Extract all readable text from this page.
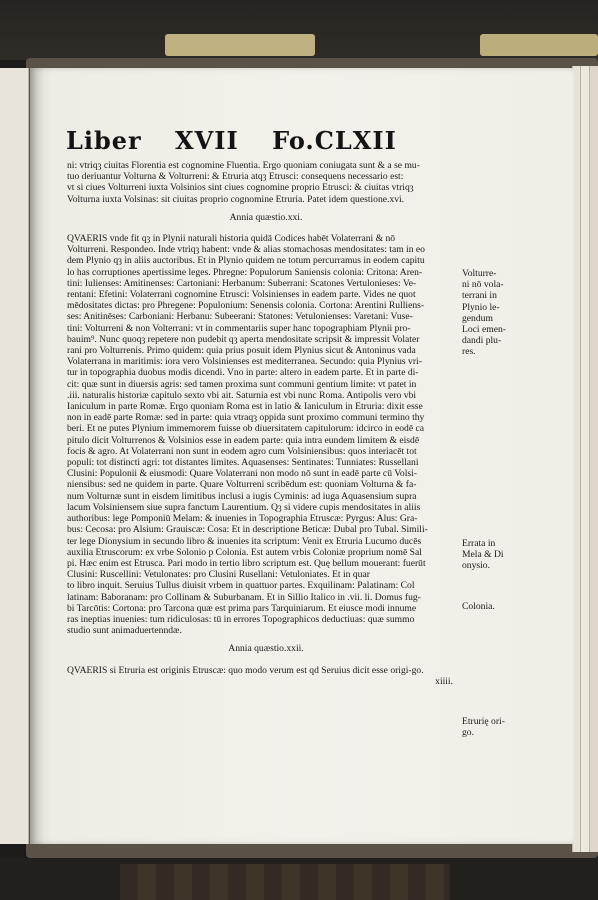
Liber XVII Fo.CLXII
ni: vtriqȝ ciuitas Florentia est cognomine Fluentia. Ergo quoniam coniugata sunt & a se mu-
tuo deriuantur Volturna & Volturreni: & Etruria atqȝ Etrusci: consequens necessario est:
vt si ciues Volturreni iuxta Volsinios sint ciues cognomine proprio Etrusci: & ciuitas vtriqȝ
Volturna iuxta Volsinas: sit ciuitas proprio cognomine Etruria. Patet idem questione.xvi.
Annia quæstio.xxi.
QVAERIS vnde fit qȝ in Plynii naturali historia quidā Codices habēt Volaterrani & nō
Volturreni. Respondeo. Inde vtriqȝ habent: vnde & alias stomachosas mendositates: tam in eo
dem Plynio qȝ in aliis auctoribus. Et in Plynio quidem ne totum percurramus in eodem capitu
lo has corruptiones apertissime leges. Phregne: Populorum Saniensis colonia: Critona: Aren-
tini: Iulienses: Amitinenses: Cartoniani: Herbanum: Suberrani: Scatones Vertulonieses: Ve-
rentani: Efetini: Volaterrani cognomine Etrusci: Volsinienses in eadem parte. Vides ne quot
mēdositates dictas: pro Phregene: Populonium: Senensis colonia. Cortona: Arentini Rulliens-
ses: Anitinēses: Carboniani: Herbanu: Subeerani: Statones: Vetulonienses: Varetani: Vuse-
tini: Volturreni & non Volterrani: vt in commentariis super hanc topographiam Plynii pro-
bauim⁹. Nunc quoqȝ repetere non pudebit qȝ aperta mendositate scripsit & impressit Volater
rani pro Volturrenis. Primo quidem: quia prius posuit idem Plynius sicut & Antoninus vada
Volaterrana in maritimis: iora vero Volsinienses est mediterranea. Secundo: quia Plynius vri-
tur in topographia duobus modis dicendi. Vno in parte: altero in eadem parte. Et in parte di-
cit: quæ sunt in diuersis agris: sed tamen proxima sunt communi gentium limite: vt patet in
.iii. naturalis historiæ capitulo sexto vbi ait. Saturnia est vbi nunc Roma. Antipolis vero vbi
Ianiculum in parte Romæ. Ergo quoniam Roma est in latio & Ianiculum in Etruria: dixit esse
non in eadē parte Romæ: sed in parte: quia vtraqȝ oppida sunt proximo communi termino thy
beri. Et ne putes Plynium immemorem fuisse ob diuersitatem capitulorum: idcirco in eodē ca
pitulo dicit Volturrenos & Volsinios esse in eadem parte: quia intra eundem limitem & eisdē
focis & agro. At Volaterrani non sunt in eodem agro cum Volsiniensibus: quos interiacēt tot
populi: tot distincti agri: tot distantes limites. Aquasenses: Sentinates: Tunniates: Russellani
Clusini: Populonii & eiusmodi: Quare Volaterrani non modo nō sunt in eadē parte cū Volsi-
niensibus: sed ne quidem in parte. Quare Volturreni scribēdum est: quoniam Volturna & fa-
num Volturnæ sunt in eisdem limitibus inclusi a iugis Cyminis: ad iuga Aquasensium supra
lacum Volsiniensem siue supra fanctum Laurentium. Qȝ si videre cupis mendositates in aliis
authoribus: lege Pomponiū Melam: & inuenies in Topographia Etruscæ: Pyrgus: Alus: Gra-
bus: Cecosa: pro Alsium: Grauiscæ: Cosa: Et in descriptione Beticæ: Dubal pro Tubal. Simili-
ter lege Dionysium in secundo libro & inuenies ita scriptum: Venit ex Etruria Lucumo ducēs
auxilia Etruscorum: ex vrbe Solonio p Colonia. Est autem vrbis Coloniæ proprium nomē Sal
pi. Hæc enim est Etrusca. Pari modo in tertio libro scriptum est. Quę bellum mouerant: fuerūt
Clusini: Ruscellini: Vetulonates: pro Clusini Rusellani: Vetuloniates. Et in quar
to libro inquit. Seruius Tullus diuisit vrbem in quattuor partes. Exquilinam: Palatinam: Col
latinam: Baboranam: pro Collinam & Suburbanam. Et in Sillio Italico in .vii. li. Domus fug-
bi Tarcōtis: Cortona: pro Tarcona quæ est prima pars Tarquiniarum. Et eiusce modi innume
ras ineptias inuenies: tum ridiculosas: tū in errores Topographicos deductiuas: quæ summo
studio sunt animaduertenndæ.
Annia quæstio.xxii.
QVAERIS si Etruria est originis Etruscæ: quo modo verum est qd Seruius dicit esse origi-go.
xiiii.
Volturre-
ni nō vola-
terrani in
Plynio le-
gendum
Loci emen-
dandi plu-
res.
Errata in
Mela & Di
onysio.
Colonia.
Etrurię ori-
go.
